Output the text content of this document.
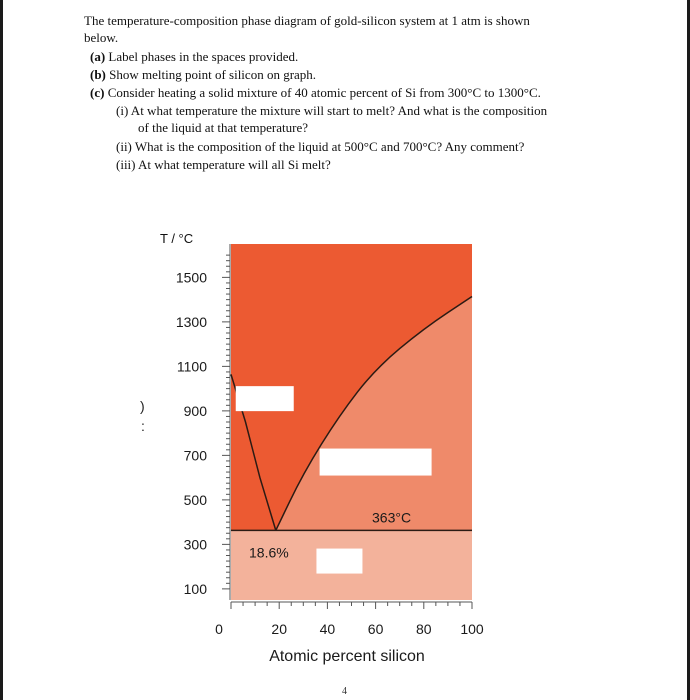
The temperature-composition phase diagram of gold-silicon system at 1 atm is shown
below.
(a) Label phases in the spaces provided.
(b) Show melting point of silicon on graph.
(c) Consider heating a solid mixture of 40 atomic percent of Si from 300°C to 1300°C.
(i) At what temperature the mixture will start to melt? And what is the composition
of the liquid at that temperature?
(ii) What is the composition of the liquid at 500°C and 700°C? Any comment?
(iii) At what temperature will all Si melt?
)
:
T / °C
100
300
500
700
900
1100
1300
1500
0	20 40 60 80 100
363°C
18.6%
Atomic percent silicon
4
